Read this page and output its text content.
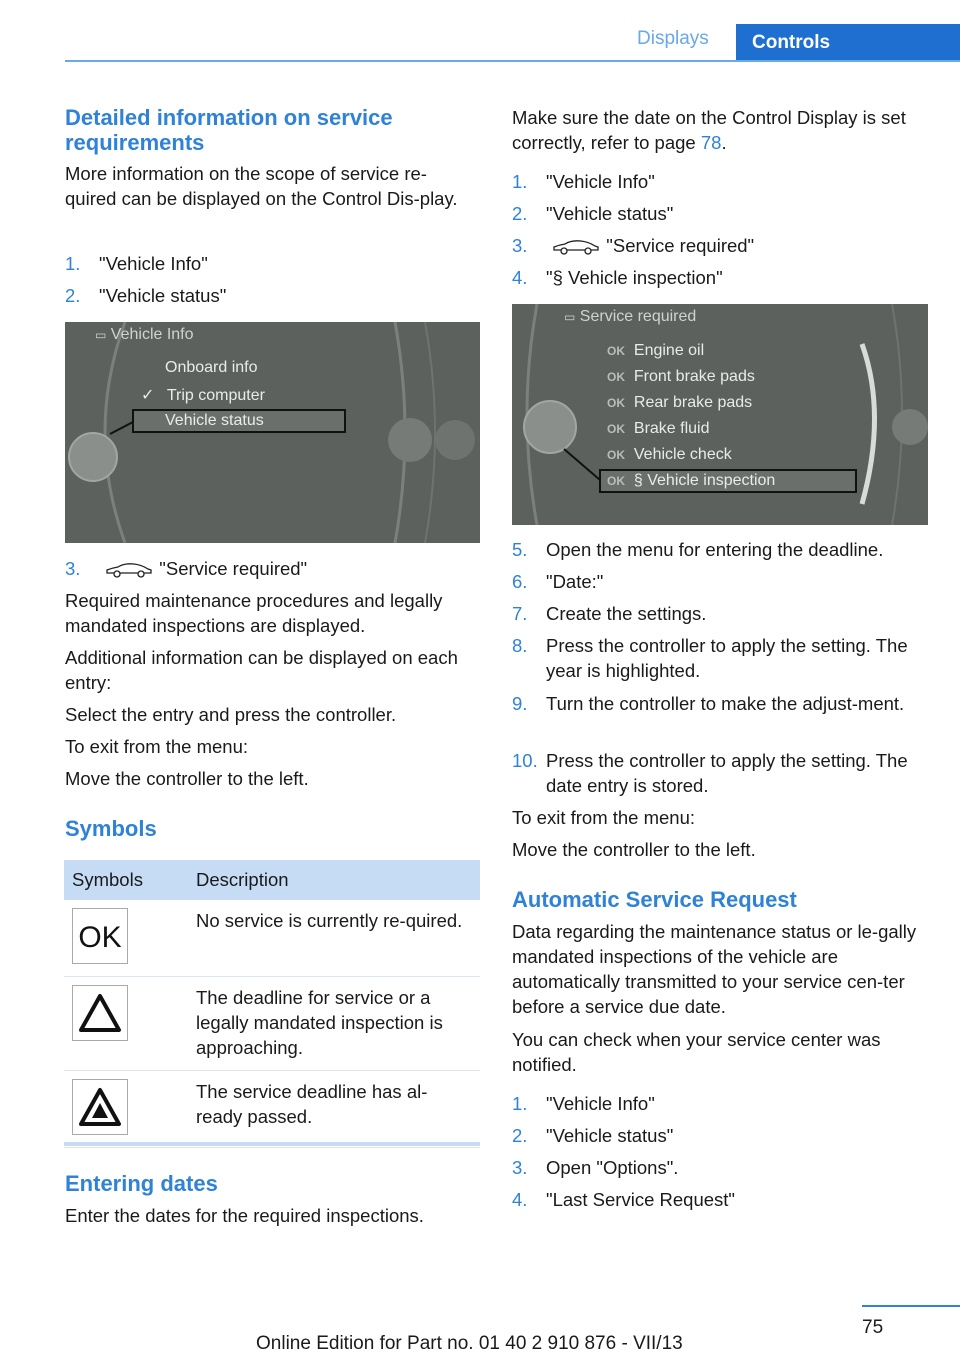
Displays	Controls
Detailed information on service requirements
More information on the scope of service re-quired can be displayed on the Control Dis-play.
1. "Vehicle Info"
2. "Vehicle status"
▭ Vehicle Info
Onboard info
✓ Trip computer
Vehicle status
3.	"Service required"
Required maintenance procedures and legally mandated inspections are displayed.
Additional information can be displayed on each entry:
Select the entry and press the controller.
To exit from the menu:
Move the controller to the left.
Symbols
Symbols	Description

OK	No service is currently re-quired.

	The deadline for service or a legally mandated inspection is approaching.

	The service deadline has al-ready passed.
Entering dates
Enter the dates for the required inspections.
Make sure the date on the Control Display is set correctly, refer to page 78.
1. "Vehicle Info"
2. "Vehicle status"
3.	"Service required"
4. "§ Vehicle inspection"
▭ Service required
OK Engine oil
OK Front brake pads
OK Rear brake pads
OK Brake fluid
OK Vehicle check
OK § Vehicle inspection
5. Open the menu for entering the deadline.
6. "Date:"
7. Create the settings.
8.	Press the controller to apply the setting. The year is highlighted.
9.	Turn the controller to make the adjust-ment.
10. Press the controller to apply the setting. The date entry is stored.
To exit from the menu:
Move the controller to the left.
Automatic Service Request
Data regarding the maintenance status or le-gally mandated inspections of the vehicle are automatically transmitted to your service cen-ter before a service due date.
You can check when your service center was notified.
1. "Vehicle Info"
2. "Vehicle status"
3. Open "Options".
4. "Last Service Request"
75
Online Edition for Part no. 01 40 2 910 876 - VII/13
